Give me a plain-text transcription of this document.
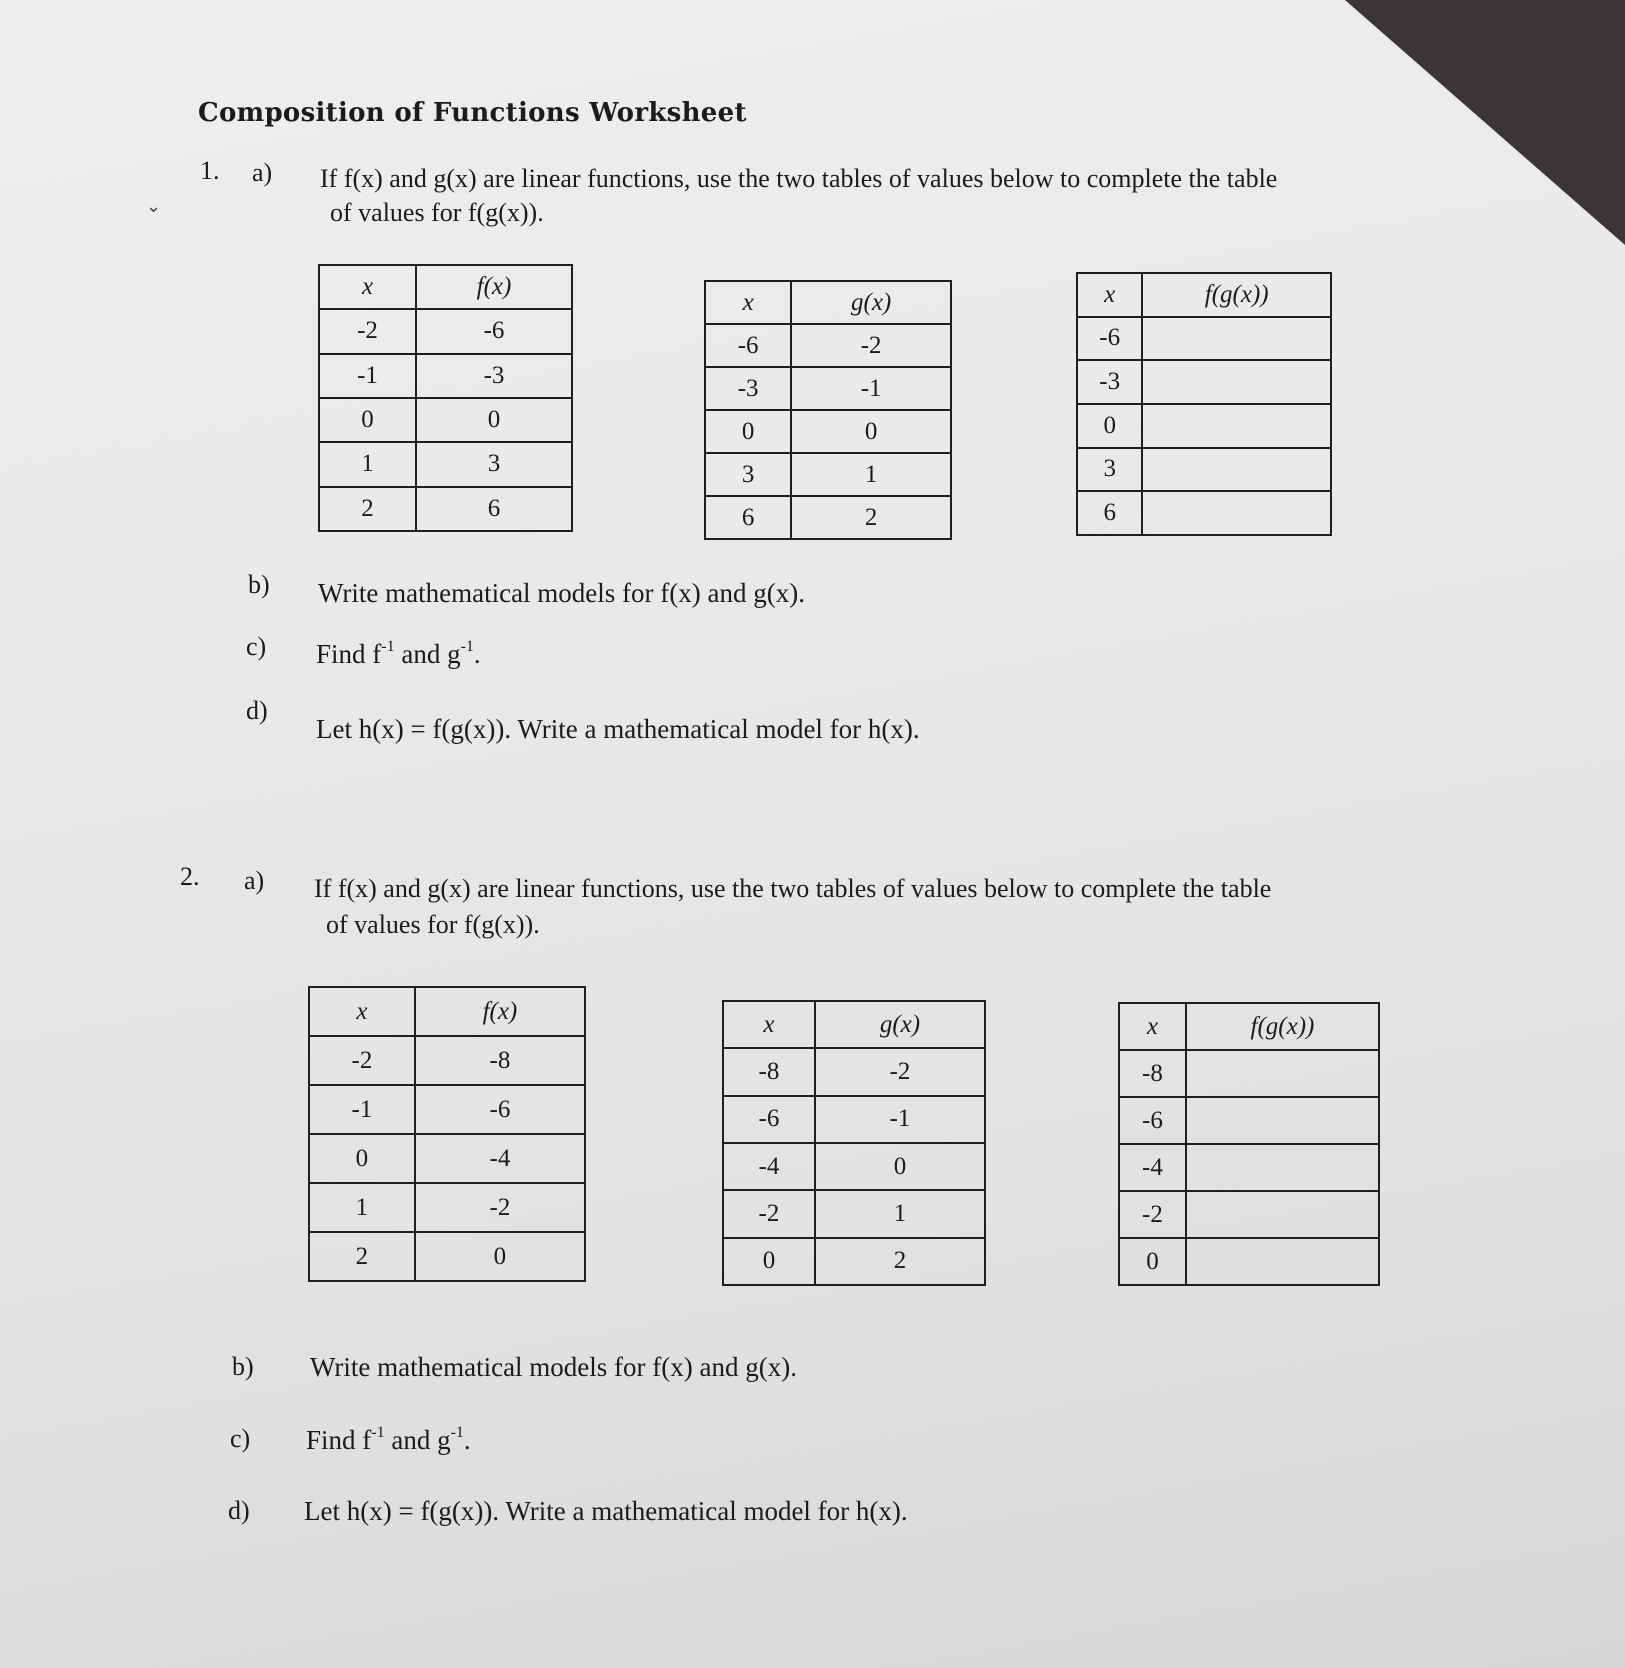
⌄
Composition of Functions Worksheet
1. a) If f(x) and g(x) are linear functions, use the two tables of values below to complete the table
of values for f(g(x)).
x	f(x)
-2	-6
-1	-3
0	0
1	3
2	6
x	g(x)
-6	-2
-3	-1
0	0
3	1
6	2
x	f(g(x))
-6	
-3	
0	
3	
6	
b) Write mathematical models for f(x) and g(x).
c) Find $f^{-1}$ and $g^{-1}$.
d)
Let h(x) = f(g(x)). Write a mathematical model for h(x).
2. a) If f(x) and g(x) are linear functions, use the two tables of values below to complete the table
of values for f(g(x)).
x	f(x)
-2	-8
-1	-6
0	-4
1	-2
2	0
x	g(x)
-8	-2
-6	-1
-4	0
-2	1
0	2
x	f(g(x))
-8	
-6	
-4	
-2	
0	
b) Write mathematical models for f(x) and g(x).
c) Find $f^{-1}$ and $g^{-1}$.
d) Let h(x) = f(g(x)). Write a mathematical model for h(x).
